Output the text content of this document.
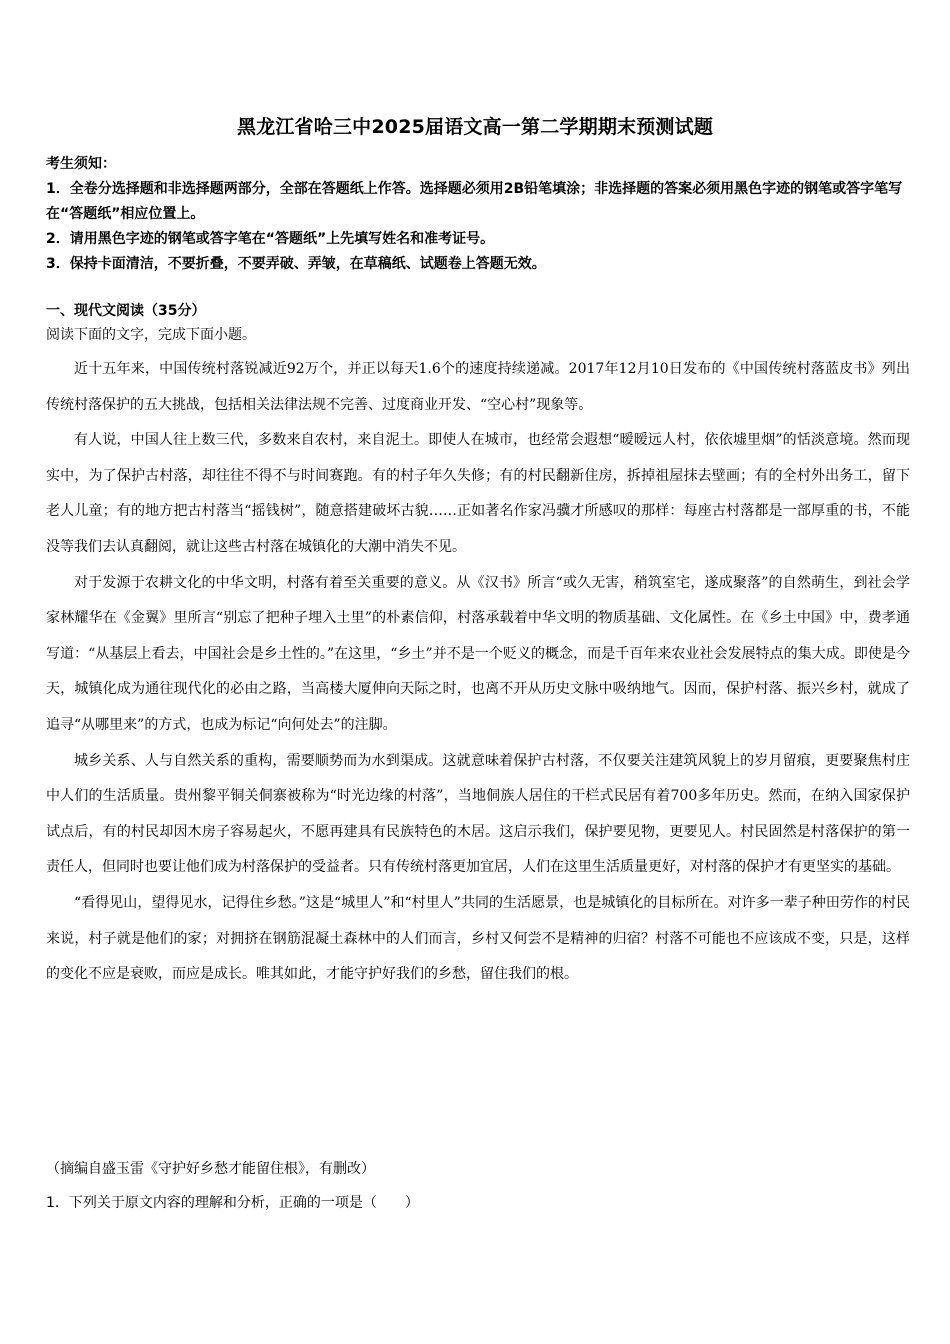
黑龙江省哈三中2025届语文高一第二学期期末预测试题

考生须知：

1．全卷分选择题和非选择题两部分，全部在答题纸上作答。选择题必须用2B铅笔填涂；非选择题的答案必须用黑色字迹的钢笔或答字笔写在“答题纸”相应位置上。

2．请用黑色字迹的钢笔或答字笔在“答题纸”上先填写姓名和准考证号。

3．保持卡面清洁，不要折叠，不要弄破、弄皱，在草稿纸、试题卷上答题无效。

一、现代文阅读（35分）
阅读下面的文字，完成下面小题。

近十五年来，中国传统村落锐减近92万个，并正以每天1.6个的速度持续递减。2017年12月10日发布的《中国传统村落蓝皮书》列出传统村落保护的五大挑战，包括相关法律法规不完善、过度商业开发、“空心村”现象等。

有人说，中国人往上数三代，多数来自农村，来自泥土。即使人在城市，也经常会遐想“暧暧远人村，依依墟里烟”的恬淡意境。然而现实中，为了保护古村落，却往往不得不与时间赛跑。有的村子年久失修；有的村民翻新住房，拆掉祖屋抹去壁画；有的全村外出务工，留下老人儿童；有的地方把古村落当“摇钱树”，随意搭建破坏古貌……正如著名作家冯骥才所感叹的那样：每座古村落都是一部厚重的书，不能没等我们去认真翻阅，就让这些古村落在城镇化的大潮中消失不见。

对于发源于农耕文化的中华文明，村落有着至关重要的意义。从《汉书》所言“或久无害，稍筑室宅，遂成聚落”的自然萌生，到社会学家林耀华在《金翼》里所言“别忘了把种子埋入土里”的朴素信仰，村落承载着中华文明的物质基础、文化属性。在《乡土中国》中，费孝通写道：“从基层上看去，中国社会是乡土性的。”在这里，“乡土”并不是一个贬义的概念，而是千百年来农业社会发展特点的集大成。即使是今天，城镇化成为通往现代化的必由之路，当高楼大厦伸向天际之时，也离不开从历史文脉中吸纳地气。因而，保护村落、振兴乡村，就成了追寻“从哪里来”的方式，也成为标记“向何处去”的注脚。

城乡关系、人与自然关系的重构，需要顺势而为水到渠成。这就意味着保护古村落，不仅要关注建筑风貌上的岁月留痕，更要聚焦村庄中人们的生活质量。贵州黎平铜关侗寨被称为“时光边缘的村落”，当地侗族人居住的干栏式民居有着700多年历史。然而，在纳入国家保护试点后，有的村民却因木房子容易起火，不愿再建具有民族特色的木居。这启示我们，保护要见物，更要见人。村民固然是村落保护的第一责任人，但同时也要让他们成为村落保护的受益者。只有传统村落更加宜居，人们在这里生活质量更好，对村落的保护才有更坚实的基础。

“看得见山，望得见水，记得住乡愁。”这是“城里人”和“村里人”共同的生活愿景，也是城镇化的目标所在。对许多一辈子种田劳作的村民来说，村子就是他们的家；对拥挤在钢筋混凝土森林中的人们而言，乡村又何尝不是精神的归宿？村落不可能也不应该成不变，只是，这样的变化不应是衰败，而应是成长。唯其如此，才能守护好我们的乡愁，留住我们的根。

（摘编自盛玉雷《守护好乡愁才能留住根》，有删改）
1．下列关于原文内容的理解和分析，正确的一项是（　　）
